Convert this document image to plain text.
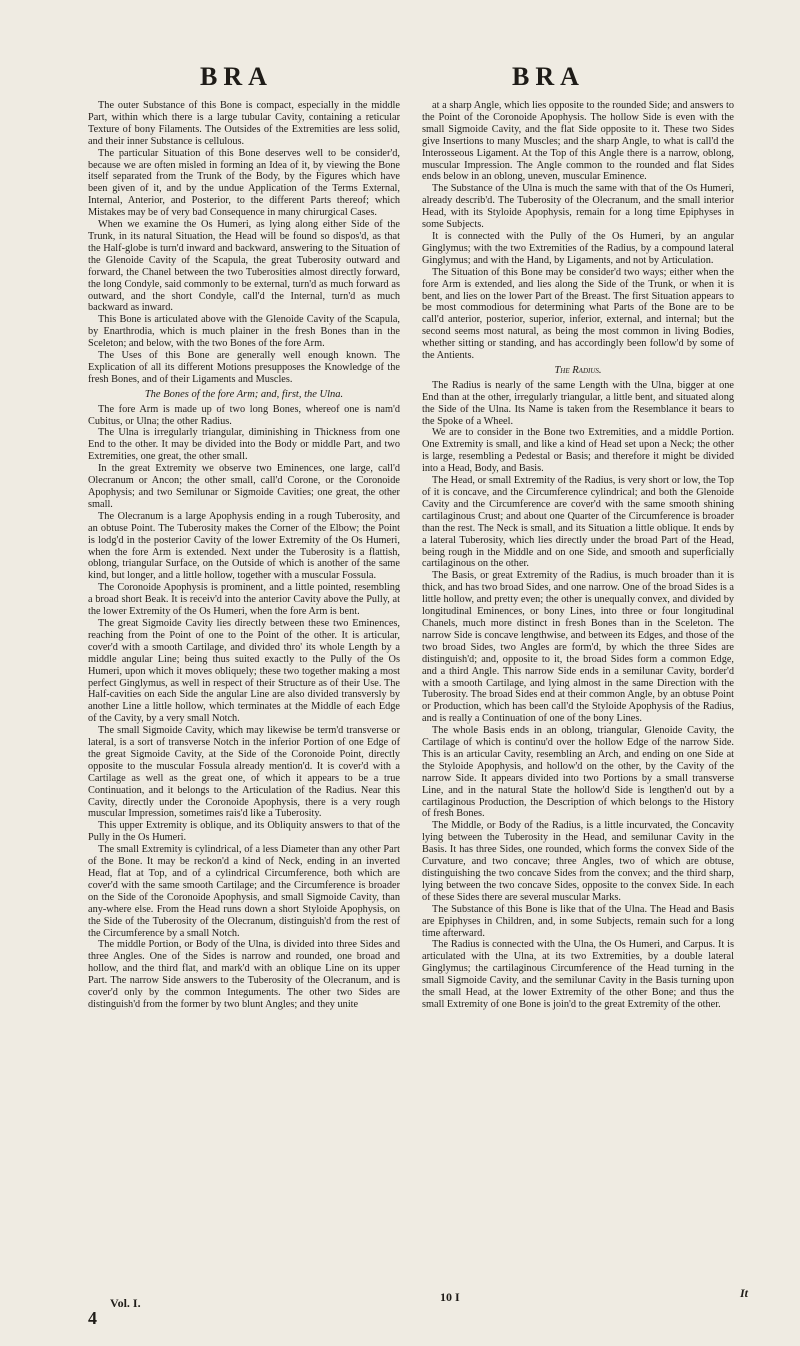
BRA	BRA

The outer Substance of this Bone is compact, especially in the middle Part, within which there is a large tubular Cavity, containing a reticular Texture of bony Filaments. The Outsides of the Extremities are less solid, and their inner Substance is cellulous.

The particular Situation of this Bone deserves well to be consider'd, because we are often misled in forming an Idea of it, by viewing the Bone itself separated from the Trunk of the Body, by the Figures which have been given of it, and by the undue Application of the Terms External, Internal, Anterior, and Posterior, to the different Parts thereof; which Mistakes may be of very bad Consequence in many chirurgical Cases.

When we examine the Os Humeri, as lying along either Side of the Trunk, in its natural Situation, the Head will be found so dispos'd, as that the Half-globe is turn'd inward and backward, answering to the Situation of the Glenoide Cavity of the Scapula, the great Tuberosity outward and forward, the Chanel between the two Tuberosities almost directly forward, the long Condyle, said commonly to be external, turn'd as much forward as outward, and the short Condyle, call'd the Internal, turn'd as much backward as inward.

This Bone is articulated above with the Glenoide Cavity of the Scapula, by Enarthrodia, which is much plainer in the fresh Bones than in the Sceleton; and below, with the two Bones of the fore Arm.

The Uses of this Bone are generally well enough known. The Explication of all its different Motions presupposes the Knowledge of the fresh Bones, and of their Ligaments and Muscles.

The Bones of the fore Arm; and, first, the Ulna.

The fore Arm is made up of two long Bones, whereof one is nam'd Cubitus, or Ulna; the other Radius.

The Ulna is irregularly triangular, diminishing in Thickness from one End to the other. It may be divided into the Body or middle Part, and two Extremities, one great, the other small.

In the great Extremity we observe two Eminences, one large, call'd Olecranum or Ancon; the other small, call'd Corone, or the Coronoide Apophysis; and two Semilunar or Sigmoide Cavities; one great, the other small.

The Olecranum is a large Apophysis ending in a rough Tuberosity, and an obtuse Point. The Tuberosity makes the Corner of the Elbow; the Point is lodg'd in the posterior Cavity of the lower Extremity of the Os Humeri, when the fore Arm is extended. Next under the Tuberosity is a flattish, oblong, triangular Surface, on the Outside of which is another of the same kind, but longer, and a little hollow, together with a muscular Fossula.

The Coronoide Apophysis is prominent, and a little pointed, resembling a broad short Beak. It is receiv'd into the anterior Cavity above the Pully, at the lower Extremity of the Os Humeri, when the fore Arm is bent.

The great Sigmoide Cavity lies directly between these two Eminences, reaching from the Point of one to the Point of the other. It is articular, cover'd with a smooth Cartilage, and divided thro' its whole Length by a middle angular Line; being thus suited exactly to the Pully of the Os Humeri, upon which it moves obliquely; these two together making a most perfect Ginglymus, as well in respect of their Structure as of their Use. The Half-cavities on each Side the angular Line are also divided transversly by another Line a little hollow, which terminates at the Middle of each Edge of the Cavity, by a very small Notch.

The small Sigmoide Cavity, which may likewise be term'd transverse or lateral, is a sort of transverse Notch in the inferior Portion of one Edge of the great Sigmoide Cavity, at the Side of the Coronoide Point, directly opposite to the muscular Fossula already mention'd. It is cover'd with a Cartilage as well as the great one, of which it appears to be a true Continuation, and it belongs to the Articulation of the Radius. Near this Cavity, directly under the Coronoide Apophysis, there is a very rough muscular Impression, sometimes rais'd like a Tuberosity.

This upper Extremity is oblique, and its Obliquity answers to that of the Pully in the Os Humeri.

The small Extremity is cylindrical, of a less Diameter than any other Part of the Bone. It may be reckon'd a kind of Neck, ending in an inverted Head, flat at Top, and of a cylindrical Circumference, both which are cover'd with the same smooth Cartilage; and the Circumference is broader on the Side of the Coronoide Apophysis, and small Sigmoide Cavity, than any-where else. From the Head runs down a short Styloide Apophysis, on the Side of the Tuberosity of the Olecranum, distinguish'd from the rest of the Circumference by a small Notch.

The middle Portion, or Body of the Ulna, is divided into three Sides and three Angles. One of the Sides is narrow and rounded, one broad and hollow, and the third flat, and mark'd with an oblique Line on its upper Part. The narrow Side answers to the Tuberosity of the Olecranum, and is cover'd only by the common Integuments. The other two Sides are distinguish'd from the former by two blunt Angles; and they unite

at a sharp Angle, which lies opposite to the rounded Side; and answers to the Point of the Coronoide Apophysis. The hollow Side is even with the small Sigmoide Cavity, and the flat Side opposite to it. These two Sides give Insertions to many Muscles; and the sharp Angle, to what is call'd the Interosseous Ligament. At the Top of this Angle there is a narrow, oblong, muscular Impression. The Angle common to the rounded and flat Sides ends below in an oblong, uneven, muscular Eminence.

The Substance of the Ulna is much the same with that of the Os Humeri, already describ'd. The Tuberosity of the Olecranum, and the small interior Head, with its Styloide Apophysis, remain for a long time Epiphyses in some Subjects.

It is connected with the Pully of the Os Humeri, by an angular Ginglymus; with the two Extremities of the Radius, by a compound lateral Ginglymus; and with the Hand, by Ligaments, and not by Articulation.

The Situation of this Bone may be consider'd two ways; either when the fore Arm is extended, and lies along the Side of the Trunk, or when it is bent, and lies on the lower Part of the Breast. The first Situation appears to be most commodious for determining what Parts of the Bone are to be call'd anterior, posterior, superior, inferior, external, and internal; but the second seems most natural, as being the most common in living Bodies, whether sitting or standing, and has accordingly been follow'd by some of the Antients.

The Radius.

The Radius is nearly of the same Length with the Ulna, bigger at one End than at the other, irregularly triangular, a little bent, and situated along the Side of the Ulna. Its Name is taken from the Resemblance it bears to the Spoke of a Wheel.

We are to consider in the Bone two Extremities, and a middle Portion. One Extremity is small, and like a kind of Head set upon a Neck; the other is large, resembling a Pedestal or Basis; and therefore it might be divided into a Head, Body, and Basis.

The Head, or small Extremity of the Radius, is very short or low, the Top of it is concave, and the Circumference cylindrical; and both the Glenoide Cavity and the Circumference are cover'd with the same smooth shining cartilaginous Crust; and about one Quarter of the Circumference is broader than the rest. The Neck is small, and its Situation a little oblique. It ends by a lateral Tuberosity, which lies directly under the broad Part of the Head, being rough in the Middle and on one Side, and smooth and superficially cartilaginous on the other.

The Basis, or great Extremity of the Radius, is much broader than it is thick, and has two broad Sides, and one narrow. One of the broad Sides is a little hollow, and pretty even; the other is unequally convex, and divided by longitudinal Eminences, or bony Lines, into three or four longitudinal Chanels, much more distinct in fresh Bones than in the Sceleton. The narrow Side is concave lengthwise, and between its Edges, and those of the two broad Sides, two Angles are form'd, by which the three Sides are distinguish'd; and, opposite to it, the broad Sides form a common Edge, and a third Angle. This narrow Side ends in a semilunar Cavity, border'd with a smooth Cartilage, and lying almost in the same Direction with the Tuberosity. The broad Sides end at their common Angle, by an obtuse Point or Production, which has been call'd the Styloide Apophysis of the Radius, and is really a Continuation of one of the bony Lines.

The whole Basis ends in an oblong, triangular, Glenoide Cavity, the Cartilage of which is continu'd over the hollow Edge of the narrow Side. This is an articular Cavity, resembling an Arch, and ending on one Side at the Styloide Apophysis, and hollow'd on the other, by the Cavity of the narrow Side. It appears divided into two Portions by a small transverse Line, and in the natural State the hollow'd Side is lengthen'd out by a cartilaginous Production, the Description of which belongs to the History of fresh Bones.

The Middle, or Body of the Radius, is a little incurvated, the Concavity lying between the Tuberosity in the Head, and semilunar Cavity in the Basis. It has three Sides, one rounded, which forms the convex Side of the Curvature, and two concave; three Angles, two of which are obtuse, distinguishing the two concave Sides from the convex; and the third sharp, lying between the two concave Sides, opposite to the convex Side. In each of these Sides there are several muscular Marks.

The Substance of this Bone is like that of the Ulna. The Head and Basis are Epiphyses in Children, and, in some Subjects, remain such for a long time afterward.

The Radius is connected with the Ulna, the Os Humeri, and Carpus. It is articulated with the Ulna, at its two Extremities, by a double lateral Ginglymus; the cartilaginous Circumference of the Head turning in the small Sigmoide Cavity, and the semilunar Cavity in the Basis turning upon the small Head, at the lower Extremity of the other Bone; and thus the small Extremity of one Bone is join'd to the great Extremity of the other.

Vol. I.	10 I	It
4
